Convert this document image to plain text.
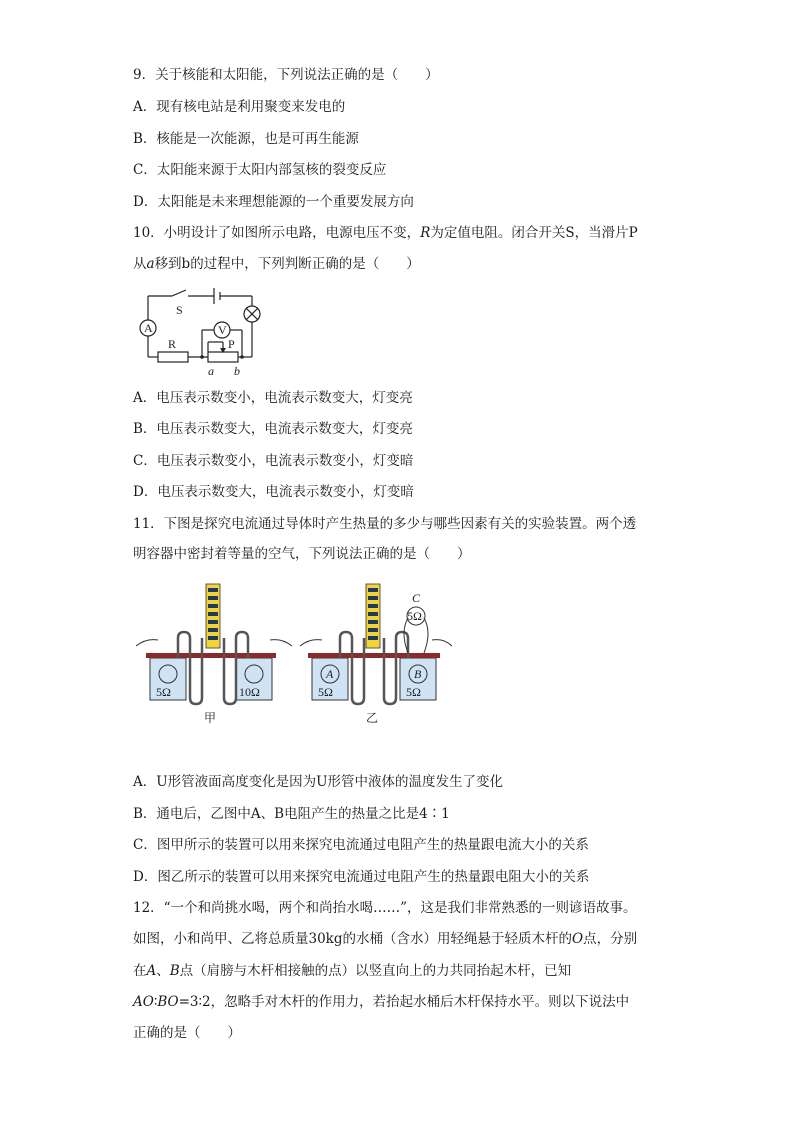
9．关于核能和太阳能，下列说法正确的是（　　）
A．现有核电站是利用聚变来发电的
B．核能是一次能源，也是可再生能源
C．太阳能来源于太阳内部氢核的裂变反应
D．太阳能是未来理想能源的一个重要发展方向
10．小明设计了如图所示电路，电源电压不变，R为定值电阻。闭合开关S，当滑片P
从a移到b的过程中，下列判断正确的是（　　）
A	V
S
R	P
a b
A．电压表示数变小，电流表示数变大，灯变亮
B．电压表示数变大，电流表示数变大，灯变亮
C．电压表示数变小，电流表示数变小，灯变暗
D．电压表示数变大，电流表示数变小，灯变暗
11．下图是探究电流通过导体时产生热量的多少与哪些因素有关的实验装置。两个透
明容器中密封着等量的空气，下列说法正确的是（　　）
5Ω	10Ω
甲
C
5Ω
A	B
5Ω	5Ω
乙
A．U形管液面高度变化是因为U形管中液体的温度发生了变化
B．通电后，乙图中A、B电阻产生的热量之比是4∶1
C．图甲所示的装置可以用来探究电流通过电阻产生的热量跟电流大小的关系
D．图乙所示的装置可以用来探究电流通过电阻产生的热量跟电阻大小的关系
12．“一个和尚挑水喝，两个和尚抬水喝……”，这是我们非常熟悉的一则谚语故事。
如图，小和尚甲、乙将总质量30kg的水桶（含水）用轻绳悬于轻质木杆的O点，分别
在A、B点（肩膀与木杆相接触的点）以竖直向上的力共同抬起木杆，已知
AO∶BO=3∶2，忽略手对木杆的作用力，若抬起水桶后木杆保持水平。则以下说法中
正确的是（　　）
